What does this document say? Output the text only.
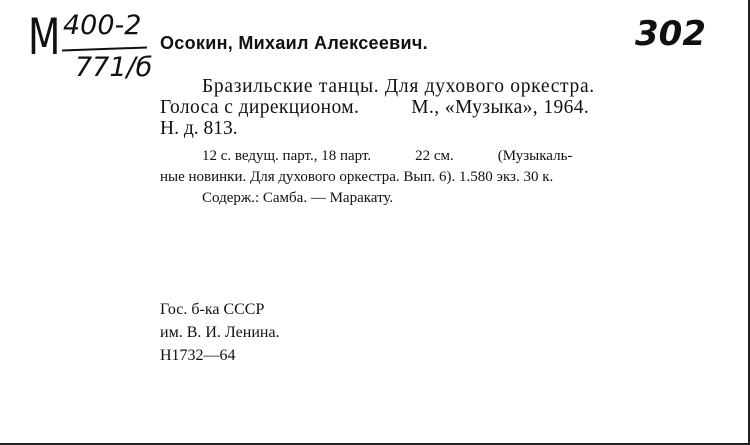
М 400-2
771/б
302
Осокин, Михаил Алексеевич.
Бразильские танцы. Для духового оркестра.
Голоса с дирекционом.	М., «Музыка», 1964.
Н. д. 813.
12 с. ведущ. парт., 18 парт.	22 см.	(Музыкаль-
ные новинки. Для духового оркестра. Вып. 6). 1.580 экз. 30 к.
Содерж.: Самба. — Маракату.
Гос. б-ка СССР
им. В. И. Ленина.
Н1732—64
